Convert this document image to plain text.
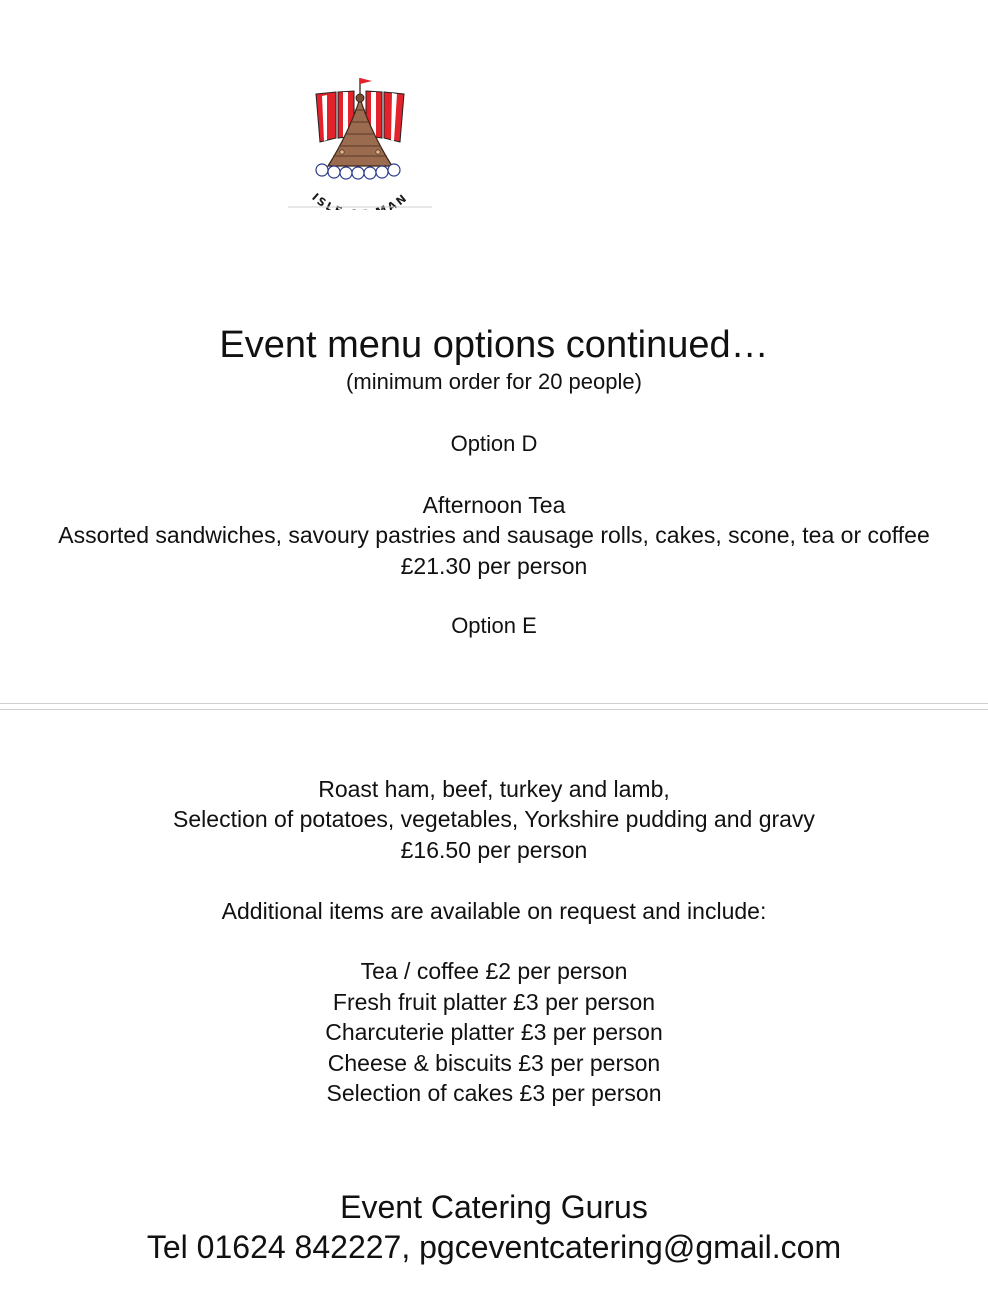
ISL AN
Event menu options continued…
(minimum order for 20 people)
Option D
Afternoon Tea
Assorted sandwiches, savoury pastries and sausage rolls, cakes, scone, tea or coffee
£21.30 per person
Option E
Roast ham, beef, turkey and lamb,
Selection of potatoes, vegetables, Yorkshire pudding and gravy
£16.50 per person
Additional items are available on request and include:
Tea / coffee £2 per person
Fresh fruit platter £3 per person
Charcuterie platter £3 per person
Cheese & biscuits £3 per person
Selection of cakes £3 per person
Event Catering Gurus
Tel 01624 842227, pgceventcatering@gmail.com
